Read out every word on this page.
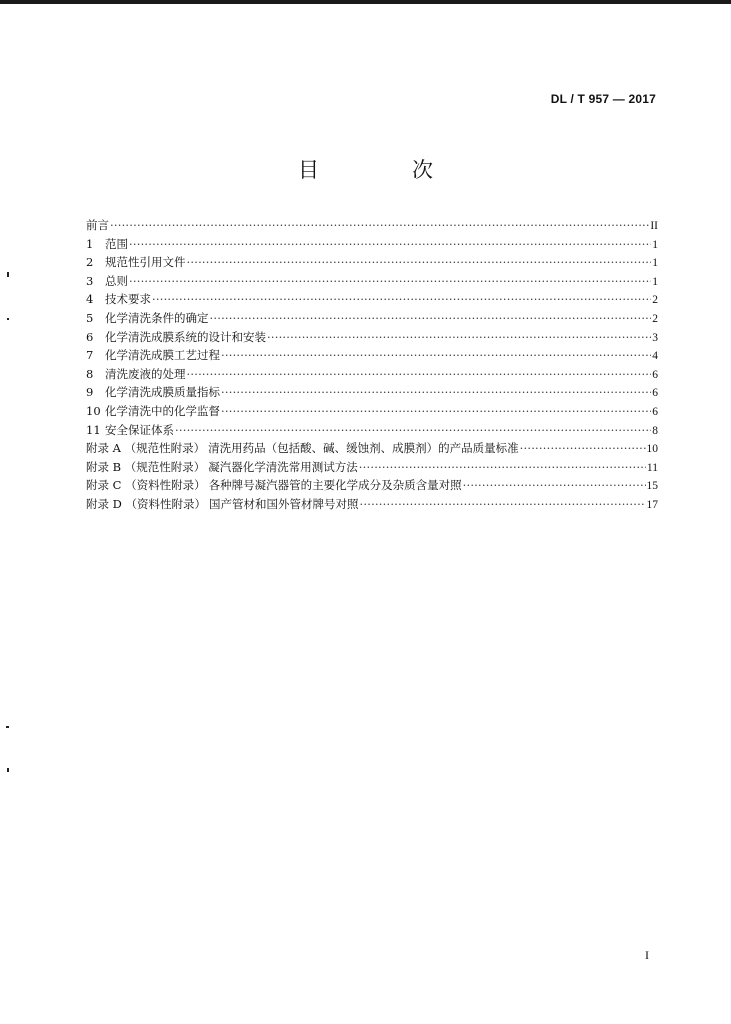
DL / T 957 — 2017
目　次
前言 ·····	II
1	范围 ·····	1
2	规范性引用文件 ·····	1
3	总则 ·····	1
4	技术要求 ·····	2
5	化学清洗条件的确定 ·····	2
6	化学清洗成膜系统的设计和安装 ·····	3
7	化学清洗成膜工艺过程 ·····	4
8	清洗废液的处理 ·····	6
9	化学清洗成膜质量指标 ·····	6
10 化学清洗中的化学监督 ·····	6
11 安全保证体系 ·····	8
附录 A （规范性附录） 清洗用药品（包括酸、碱、缓蚀剂、成膜剂）的产品质量标准 ·····	10
附录 B （规范性附录） 凝汽器化学清洗常用测试方法 ·····	11
附录 C （资料性附录） 各种牌号凝汽器管的主要化学成分及杂质含量对照 ·····	15
附录 D （资料性附录） 国产管材和国外管材牌号对照 ·····	17
I
